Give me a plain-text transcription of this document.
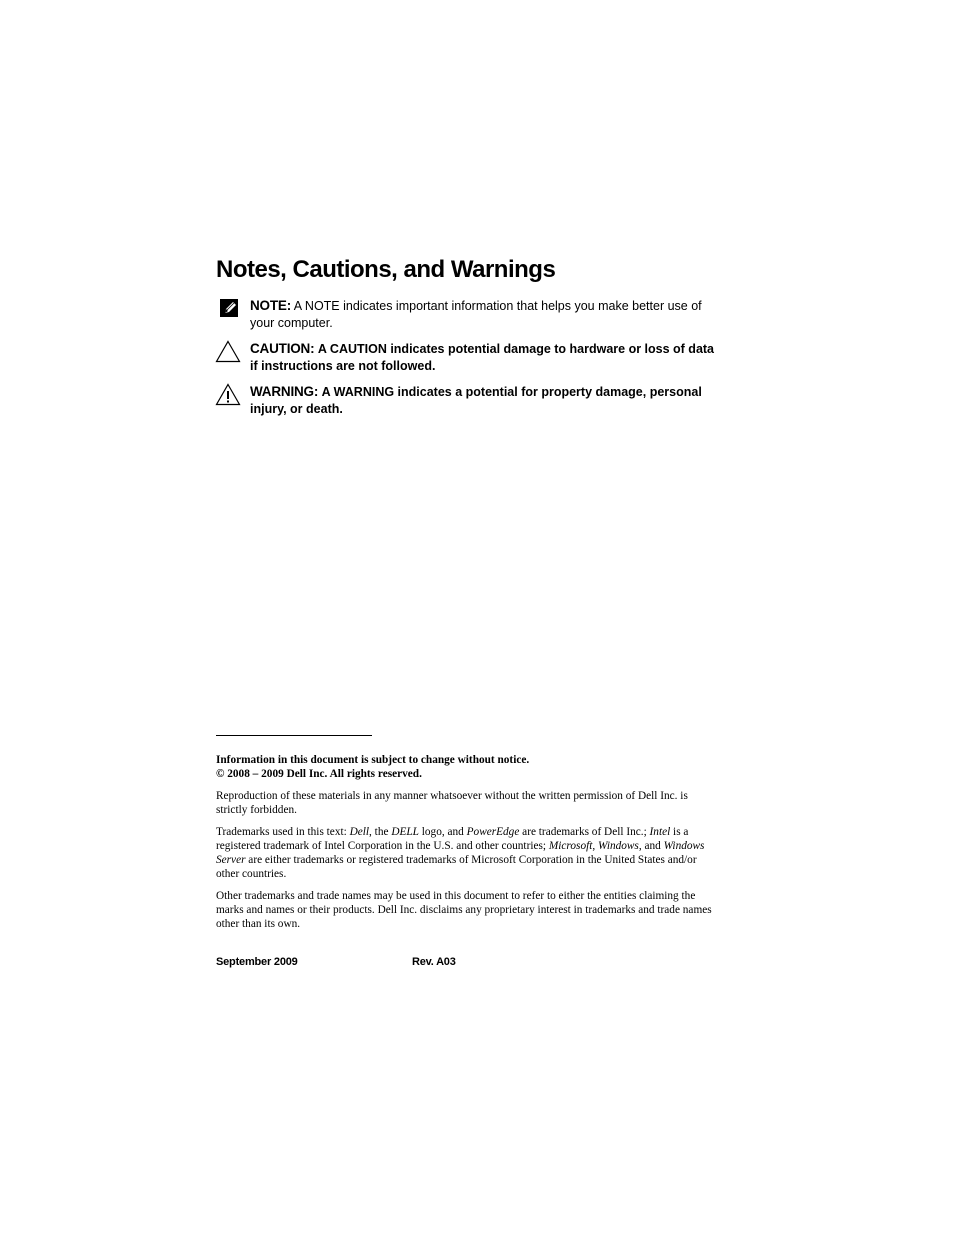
Notes, Cautions, and Warnings
NOTE: A NOTE indicates important information that helps you make better use of your computer.
CAUTION: A CAUTION indicates potential damage to hardware or loss of data if instructions are not followed.
WARNING: A WARNING indicates a potential for property damage, personal injury, or death.

Information in this document is subject to change without notice.

© 2008 – 2009 Dell Inc. All rights reserved.

Reproduction of these materials in any manner whatsoever without the written permission of Dell Inc. is strictly forbidden.

Trademarks used in this text: Dell, the DELL logo, and PowerEdge are trademarks of Dell Inc.; Intel is a registered trademark of Intel Corporation in the U.S. and other countries; Microsoft, Windows, and Windows Server are either trademarks or registered trademarks of Microsoft Corporation in the United States and/or other countries.

Other trademarks and trade names may be used in this document to refer to either the entities claiming the marks and names or their products. Dell Inc. disclaims any proprietary interest in trademarks and trade names other than its own.

September 2009	Rev. A03
